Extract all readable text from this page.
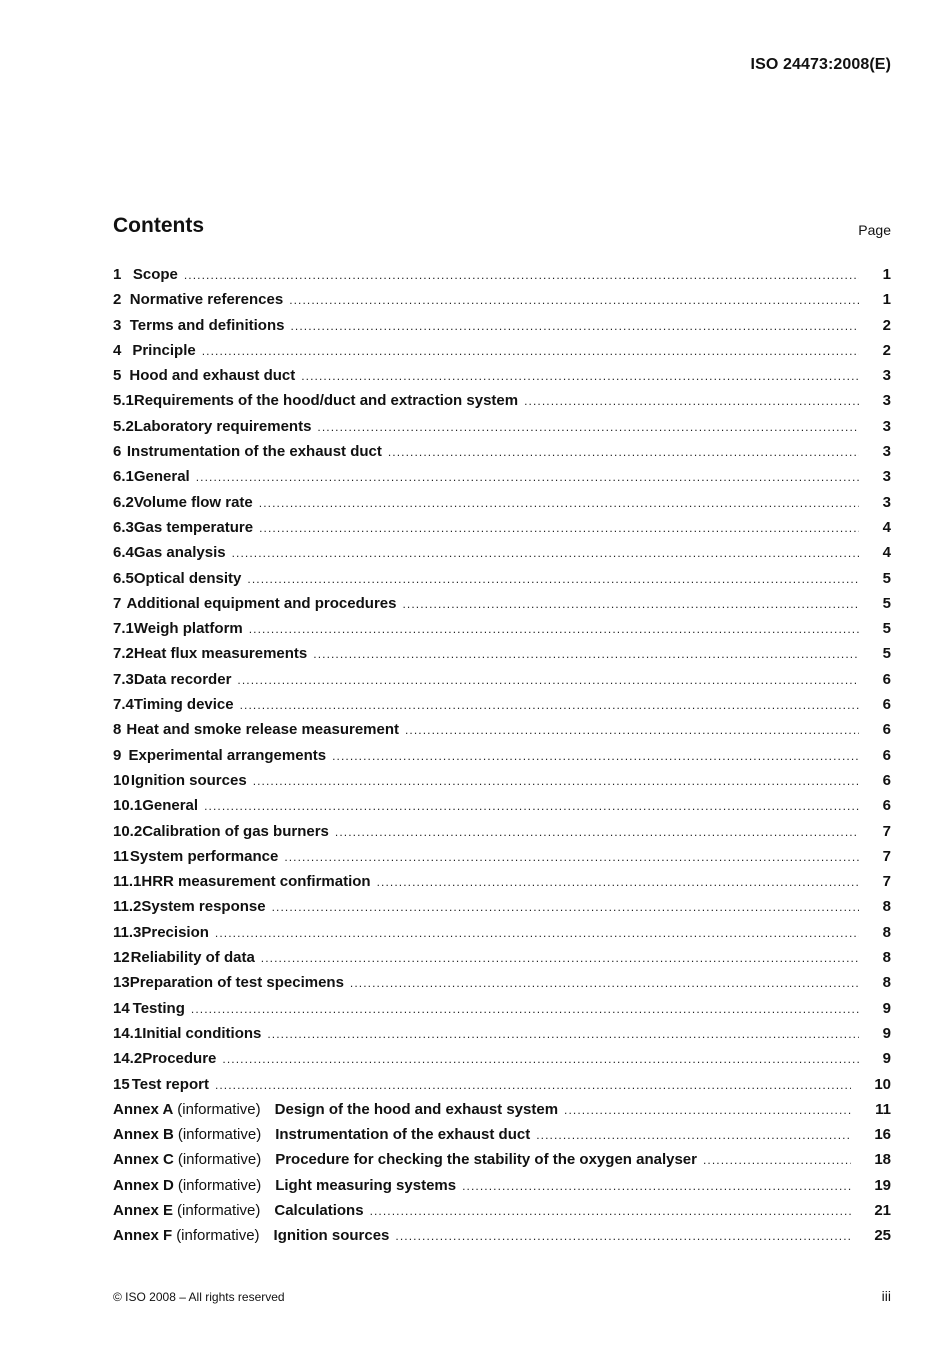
ISO 24473:2008(E)
Contents	Page
1 Scope .....	1
2 Normative references .....	1
3 Terms and definitions .....	2
4 Principle .....	2
5 Hood and exhaust duct .....	3
5.1 Requirements of the hood/duct and extraction system .....	3
5.2 Laboratory requirements .....	3
6 Instrumentation of the exhaust duct .....	3
6.1 General .....	3
6.2 Volume flow rate .....	3
6.3 Gas temperature .....	4
6.4 Gas analysis .....	4
6.5 Optical density .....	5
7 Additional equipment and procedures .....	5
7.1 Weigh platform .....	5
7.2 Heat flux measurements .....	5
7.3 Data recorder .....	6
7.4 Timing device .....	6
8 Heat and smoke release measurement .....	6
9 Experimental arrangements .....	6
10 Ignition sources .....	6
10.1 General .....	6
10.2 Calibration of gas burners .....	7
11 System performance .....	7
11.1 HRR measurement confirmation .....	7
11.2 System response .....	8
11.3 Precision .....	8
12 Reliability of data .....	8
13 Preparation of test specimens .....	8
14 Testing .....	9
14.1 Initial conditions .....	9
14.2 Procedure .....	9
15 Test report .....	10
Annex A (informative) Design of the hood and exhaust system .....	11
Annex B (informative) Instrumentation of the exhaust duct .....	16
Annex C (informative) Procedure for checking the stability of the oxygen analyser .....	18
Annex D (informative) Light measuring systems .....	19
Annex E (informative) Calculations .....	21
Annex F (informative) Ignition sources .....	25
© ISO 2008 – All rights reserved	iii
